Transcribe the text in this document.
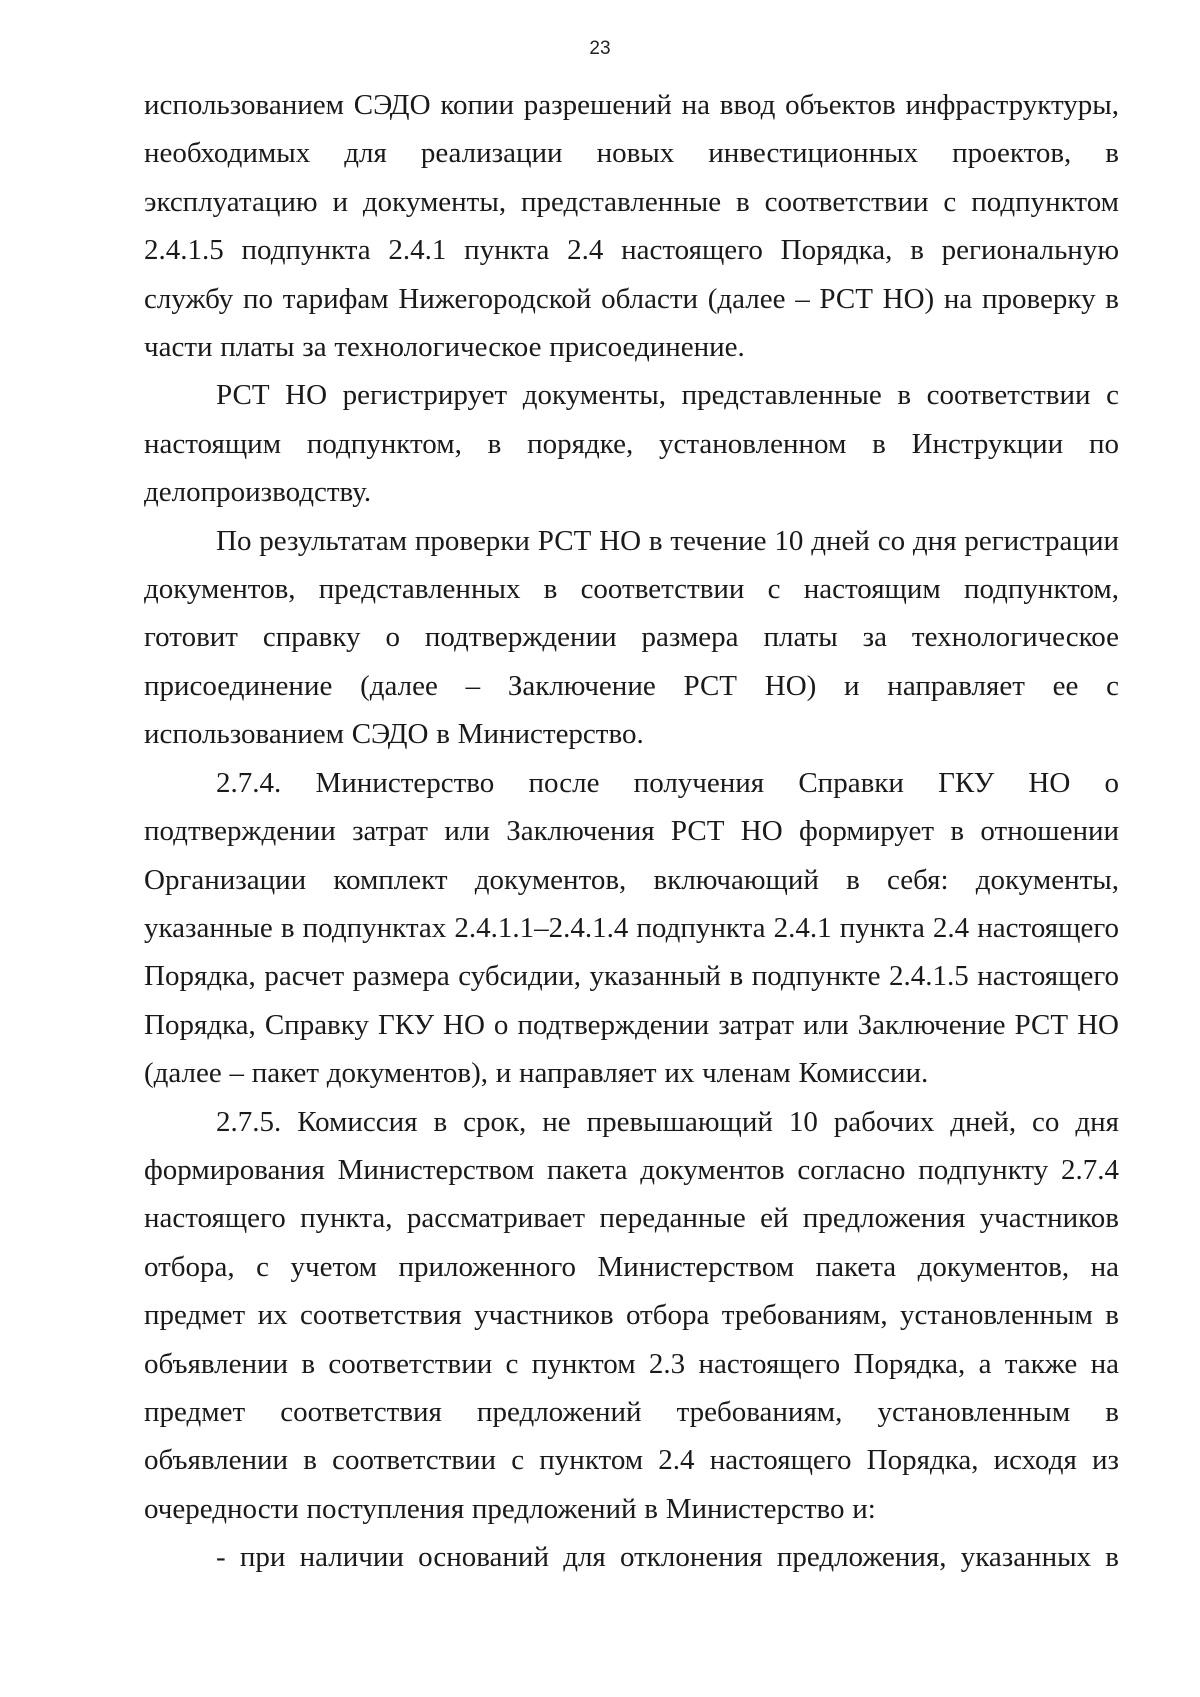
23

использованием СЭДО копии разрешений на ввод объектов инфраструктуры, необходимых для реализации новых инвестиционных проектов, в эксплуатацию и документы, представленные в соответствии с подпунктом 2.4.1.5 подпункта 2.4.1 пункта 2.4 настоящего Порядка, в региональную службу по тарифам Нижегородской области (далее – РСТ НО) на проверку в части платы за технологическое присоединение.

РСТ НО регистрирует документы, представленные в соответствии с настоящим подпунктом, в порядке, установленном в Инструкции по делопроизводству.

По результатам проверки РСТ НО в течение 10 дней со дня регистрации документов, представленных в соответствии с настоящим подпунктом, готовит справку о подтверждении размера платы за технологическое присоединение (далее – Заключение РСТ НО) и направляет ее с использованием СЭДО в Министерство.

2.7.4. Министерство после получения Справки ГКУ НО о подтверждении затрат или Заключения РСТ НО формирует в отношении Организации комплект документов, включающий в себя: документы, указанные в подпунктах 2.4.1.1–2.4.1.4 подпункта 2.4.1 пункта 2.4 настоящего Порядка, расчет размера субсидии, указанный в подпункте 2.4.1.5 настоящего Порядка, Справку ГКУ НО о подтверждении затрат или Заключение РСТ НО (далее – пакет документов), и направляет их членам Комиссии.

2.7.5. Комиссия в срок, не превышающий 10 рабочих дней, со дня формирования Министерством пакета документов согласно подпункту 2.7.4 настоящего пункта, рассматривает переданные ей предложения участников отбора, с учетом приложенного Министерством пакета документов, на предмет их соответствия участников отбора требованиям, установленным в объявлении в соответствии с пунктом 2.3 настоящего Порядка, а также на предмет соответствия предложений требованиям, установленным в объявлении в соответствии с пунктом 2.4 настоящего Порядка, исходя из очередности поступления предложений в Министерство и:

- при наличии оснований для отклонения предложения, указанных в
